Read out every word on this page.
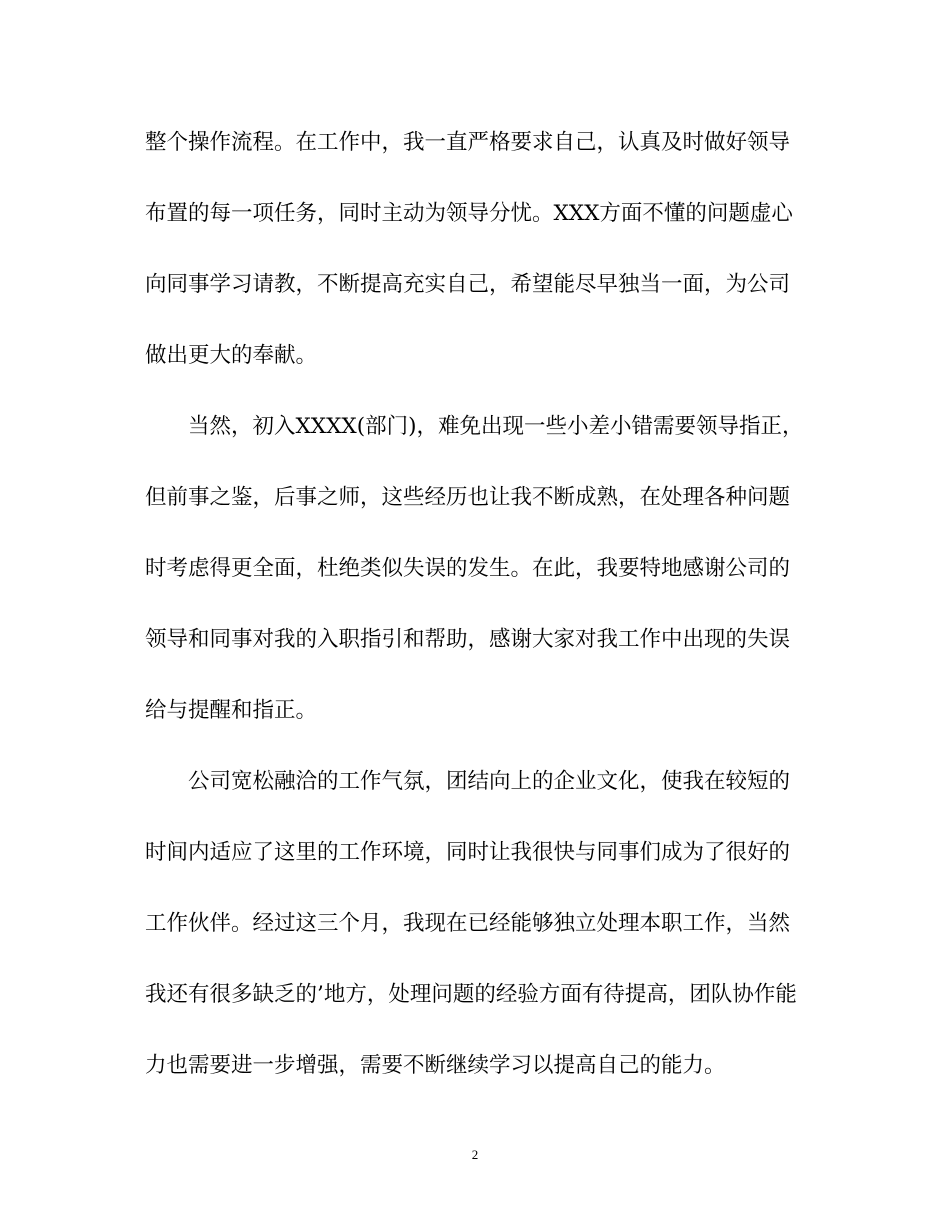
整个操作流程。在工作中，我一直严格要求自己，认真及时做好领导
布置的每一项任务，同时主动为领导分忧。XXX方面不懂的问题虚心
向同事学习请教，不断提高充实自己，希望能尽早独当一面，为公司
做出更大的奉献。
当然，初入XXXX(部门)，难免出现一些小差小错需要领导指正，
但前事之鉴，后事之师，这些经历也让我不断成熟，在处理各种问题
时考虑得更全面，杜绝类似失误的发生。在此，我要特地感谢公司的
领导和同事对我的入职指引和帮助，感谢大家对我工作中出现的失误
给与提醒和指正。
公司宽松融洽的工作气氛，团结向上的企业文化，使我在较短的
时间内适应了这里的工作环境，同时让我很快与同事们成为了很好的
工作伙伴。经过这三个月，我现在已经能够独立处理本职工作，当然
我还有很多缺乏的’地方，处理问题的经验方面有待提高，团队协作能
力也需要进一步增强，需要不断继续学习以提高自己的能力。
2
